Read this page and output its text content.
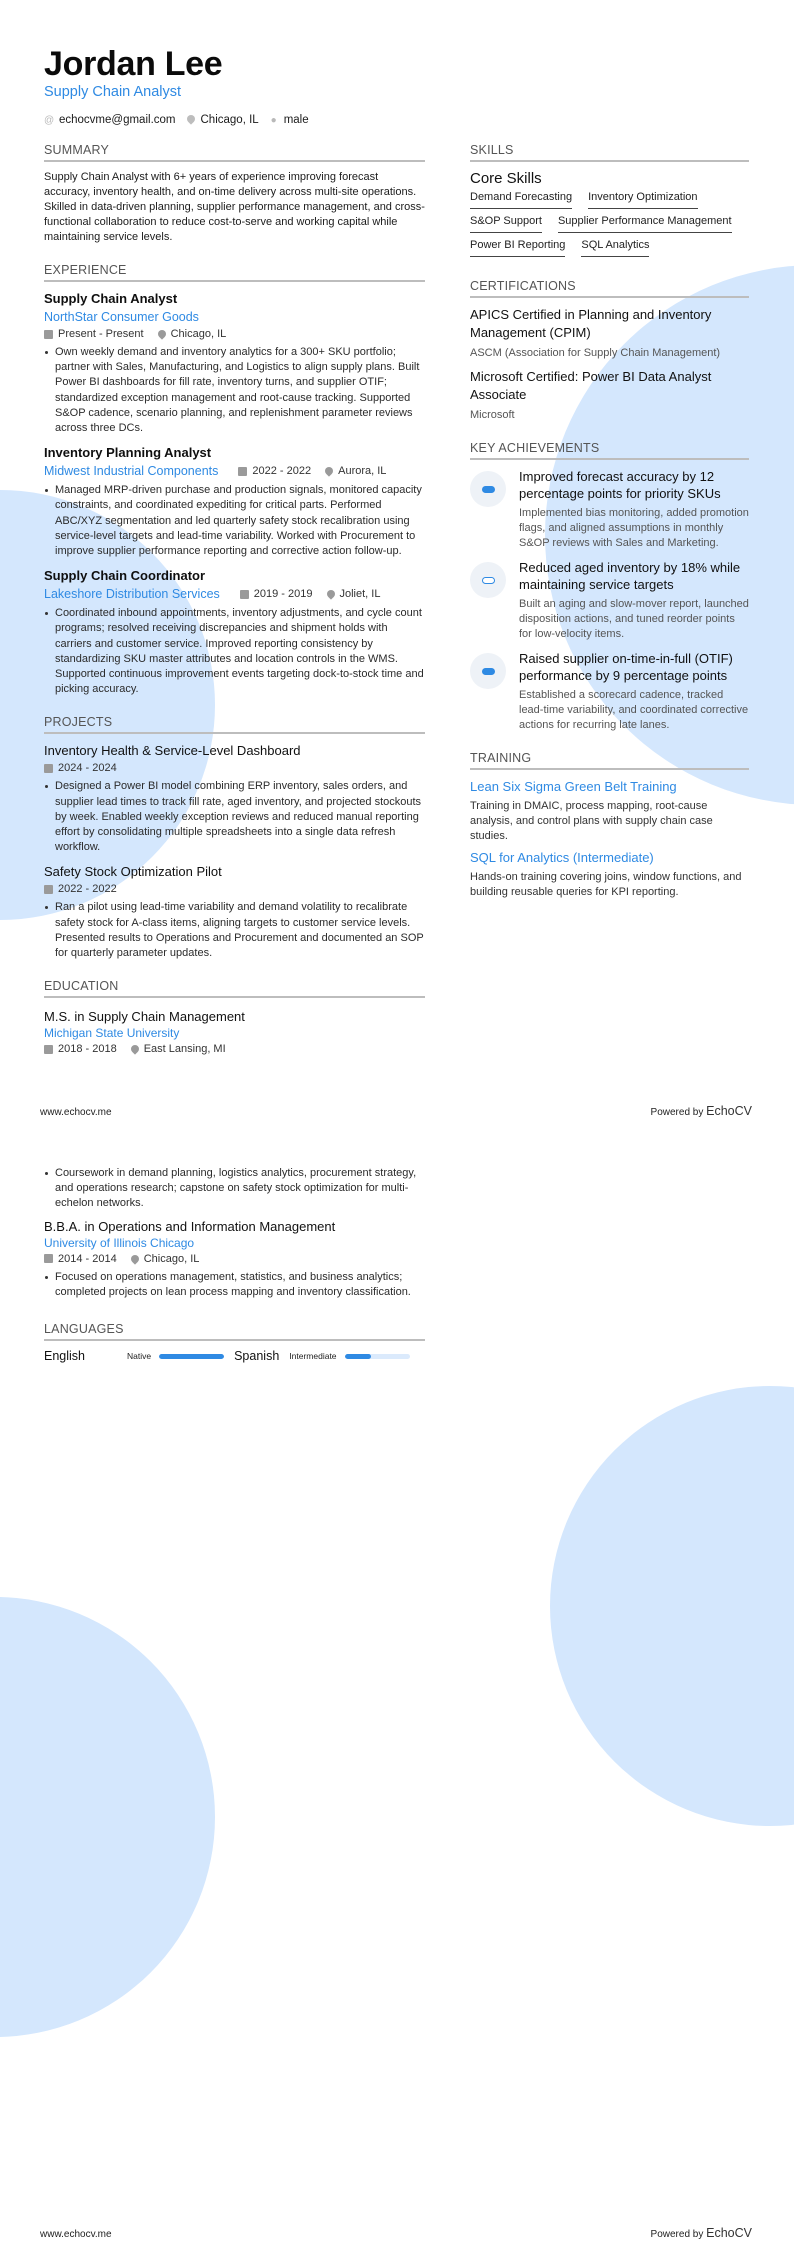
Jordan Lee
Supply Chain Analyst
@ echocvme@gmail.com Chicago, IL ● male
SUMMARY

Supply Chain Analyst with 6+ years of experience improving forecast accuracy, inventory health, and on-time delivery across multi-site operations. Skilled in data-driven planning, supplier performance management, and cross-functional collaboration to reduce cost-to-serve and working capital while maintaining service levels.

EXPERIENCE
Supply Chain Analyst
NorthStar Consumer Goods
Present - Present Chicago, IL
Own weekly demand and inventory analytics for a 300+ SKU portfolio; partner with Sales, Manufacturing, and Logistics to align supply plans. Built Power BI dashboards for fill rate, inventory turns, and supplier OTIF; standardized exception management and root-cause tracking. Supported S&OP cadence, scenario planning, and replenishment parameter reviews across three DCs.
Inventory Planning Analyst
Midwest Industrial Components	2022 - 2022 Aurora, IL
Managed MRP-driven purchase and production signals, monitored capacity constraints, and coordinated expediting for critical parts. Performed ABC/XYZ segmentation and led quarterly safety stock recalibration using service-level targets and lead-time variability. Worked with Procurement to improve supplier performance reporting and corrective action follow-up.
Supply Chain Coordinator
Lakeshore Distribution Services	2019 - 2019 Joliet, IL
Coordinated inbound appointments, inventory adjustments, and cycle count programs; resolved receiving discrepancies and shipment holds with carriers and customer service. Improved reporting consistency by standardizing SKU master attributes and location controls in the WMS. Supported continuous improvement events targeting dock-to-stock time and picking accuracy.
PROJECTS
Inventory Health & Service-Level Dashboard
2024 - 2024
Designed a Power BI model combining ERP inventory, sales orders, and supplier lead times to track fill rate, aged inventory, and projected stockouts by week. Enabled weekly exception reviews and reduced manual reporting effort by consolidating multiple spreadsheets into a single data refresh workflow.
Safety Stock Optimization Pilot
2022 - 2022
Ran a pilot using lead-time variability and demand volatility to recalibrate safety stock for A-class items, aligning targets to customer service levels. Presented results to Operations and Procurement and documented an SOP for quarterly parameter updates.
EDUCATION
M.S. in Supply Chain Management
Michigan State University
2018 - 2018 East Lansing, MI
SKILLS
Core Skills
Demand Forecasting Inventory Optimization
S&OP Support Supplier Performance Management
Power BI Reporting SQL Analytics
CERTIFICATIONS
APICS Certified in Planning and Inventory Management (CPIM)
ASCM (Association for Supply Chain Management)
Microsoft Certified: Power BI Data Analyst Associate
Microsoft
KEY ACHIEVEMENTS
Improved forecast accuracy by 12 percentage points for priority SKUs
Implemented bias monitoring, added promotion flags, and aligned assumptions in monthly S&OP reviews with Sales and Marketing.
Reduced aged inventory by 18% while maintaining service targets
Built an aging and slow-mover report, launched disposition actions, and tuned reorder points for low-velocity items.
Raised supplier on-time-in-full (OTIF) performance by 9 percentage points
Established a scorecard cadence, tracked lead-time variability, and coordinated corrective actions for recurring late lanes.
TRAINING
Lean Six Sigma Green Belt Training
Training in DMAIC, process mapping, root-cause analysis, and control plans with supply chain case studies.
SQL for Analytics (Intermediate)
Hands-on training covering joins, window functions, and building reusable queries for KPI reporting.
www.echocv.me	Powered by EchoCV
Coursework in demand planning, logistics analytics, procurement strategy, and operations research; capstone on safety stock optimization for multi-echelon networks.
B.B.A. in Operations and Information Management
University of Illinois Chicago
2014 - 2014 Chicago, IL
Focused on operations management, statistics, and business analytics; completed projects on lean process mapping and inventory classification.
LANGUAGES
English	Native	Spanish Intermediate
www.echocv.me	Powered by EchoCV
